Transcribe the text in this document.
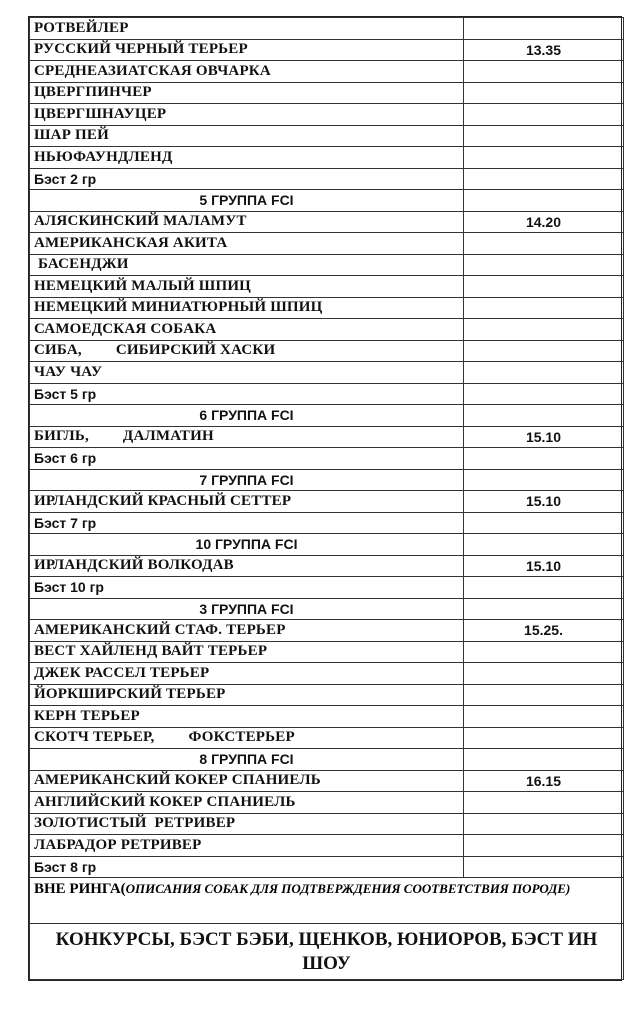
РОТВЕЙЛЕР	
РУССКИЙ ЧЕРНЫЙ ТЕРЬЕР	13.35
СРЕДНЕАЗИАТСКАЯ ОВЧАРКА	
ЦВЕРГПИНЧЕР	
ЦВЕРГШНАУЦЕР	
ШАР ПЕЙ	
НЬЮФАУНДЛЕНД	
Бэст 2 гр	
5 ГРУППА FCI	
АЛЯСКИНСКИЙ МАЛАМУТ	14.20
АМЕРИКАНСКАЯ АКИТА	
БАСЕНДЖИ	
НЕМЕЦКИЙ МАЛЫЙ ШПИЦ	
НЕМЕЦКИЙ МИНИАТЮРНЫЙ ШПИЦ	
САМОЕДСКАЯ СОБАКА	
СИБА, СИБИРСКИЙ ХАСКИ	
ЧАУ ЧАУ	
Бэст 5 гр	
6 ГРУППА FCI	
БИГЛЬ, ДАЛМАТИН	15.10
Бэст 6 гр	
7 ГРУППА FCI	
ИРЛАНДСКИЙ КРАСНЫЙ СЕТТЕР	15.10
Бэст 7 гр	
10 ГРУППА FCI	
ИРЛАНДСКИЙ ВОЛКОДАВ	15.10
Бэст 10 гр	
3 ГРУППА FCI	
АМЕРИКАНСКИЙ СТАФ. ТЕРЬЕР	15.25.
ВЕСТ ХАЙЛЕНД ВАЙТ ТЕРЬЕР	
ДЖЕК РАССЕЛ ТЕРЬЕР	
ЙОРКШИРСКИЙ ТЕРЬЕР	
КЕРН ТЕРЬЕР	
СКОТЧ ТЕРЬЕР, ФОКСТЕРЬЕР	
8 ГРУППА FCI	
АМЕРИКАНСКИЙ КОКЕР СПАНИЕЛЬ	16.15
АНГЛИЙСКИЙ КОКЕР СПАНИЕЛЬ	
ЗОЛОТИСТЫЙ  РЕТРИВЕР	
ЛАБРАДОР РЕТРИВЕР	
Бэст 8 гр	
ВНЕ РИНГА(ОПИСАНИЯ СОБАК ДЛЯ ПОДТВЕРЖДЕНИЯ СООТВЕТСТВИЯ ПОРОДЕ)	
КОНКУРСЫ, БЭСТ БЭБИ, ЩЕНКОВ, ЮНИОРОВ, БЭСТ ИН ШОУ	
